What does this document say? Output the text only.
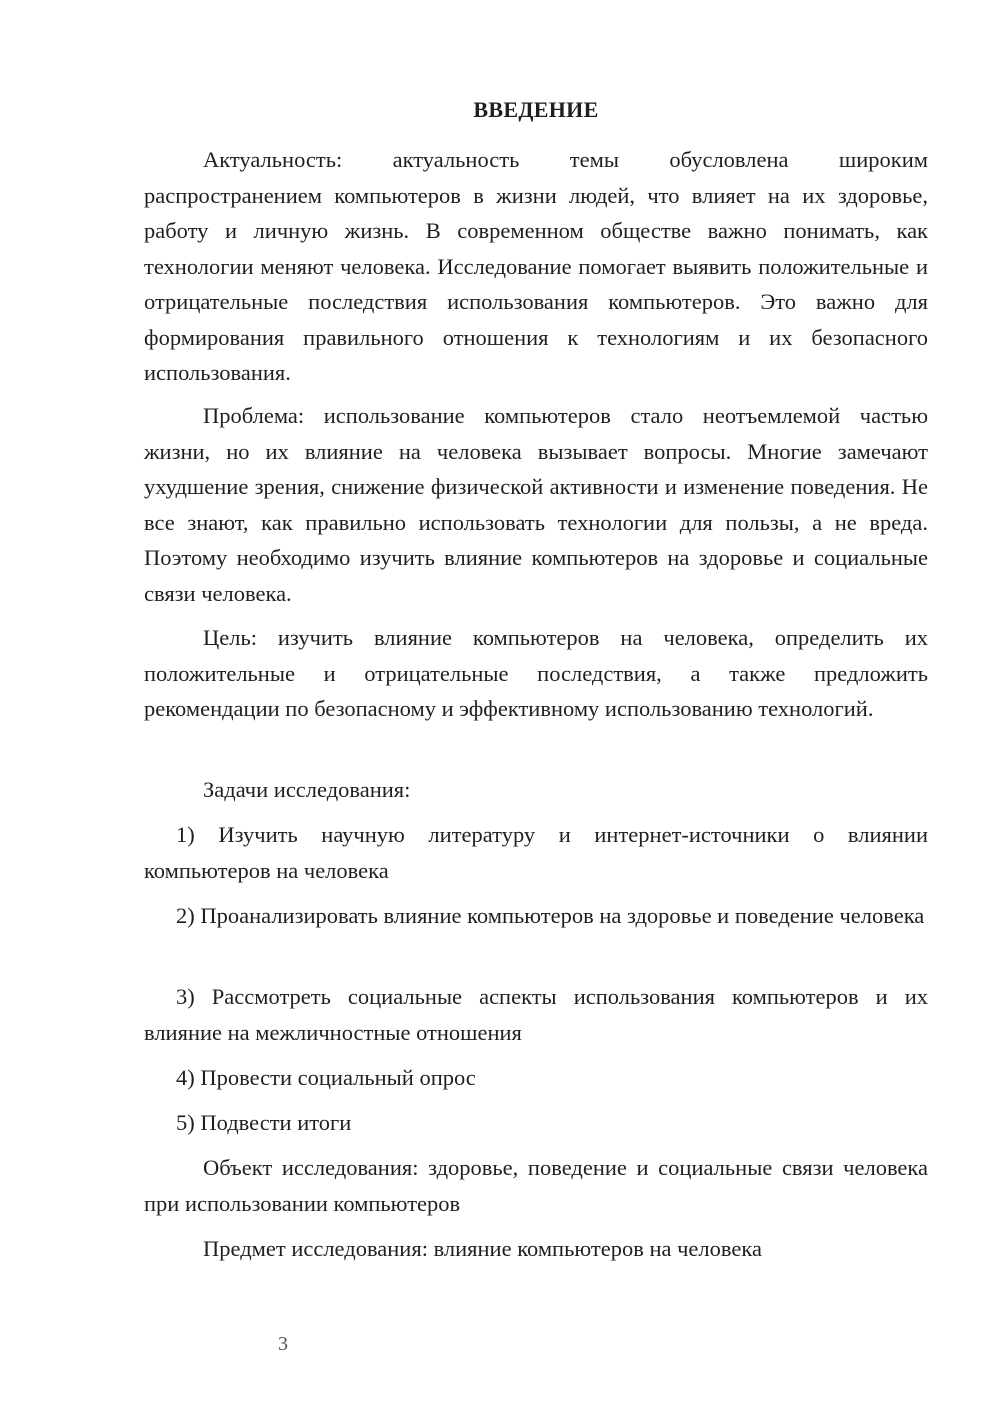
ВВЕДЕНИЕ

Актуальность: актуальность темы обусловлена широким распространением компьютеров в жизни людей, что влияет на их здоровье, работу и личную жизнь. В современном обществе важно понимать, как технологии меняют человека. Исследование помогает выявить положительные и отрицательные последствия использования компьютеров. Это важно для формирования правильного отношения к технологиям и их безопасного использования.

Проблема: использование компьютеров стало неотъемлемой частью жизни, но их влияние на человека вызывает вопросы. Многие замечают ухудшение зрения, снижение физической активности и изменение поведения. Не все знают, как правильно использовать технологии для пользы, а не вреда. Поэтому необходимо изучить влияние компьютеров на здоровье и социальные связи человека.

Цель: изучить влияние компьютеров на человека, определить их положительные и отрицательные последствия, а также предложить рекомендации по безопасному и эффективному использованию технологий.

Задачи исследования:

1) Изучить научную литературу и интернет-источники о влиянии компьютеров на человека

2) Проанализировать влияние компьютеров на здоровье и поведение человека

3) Рассмотреть социальные аспекты использования компьютеров и их влияние на межличностные отношения

4) Провести социальный опрос

5) Подвести итоги

Объект исследования: здоровье, поведение и социальные связи человека при использовании компьютеров

Предмет исследования: влияние компьютеров на человека

3
